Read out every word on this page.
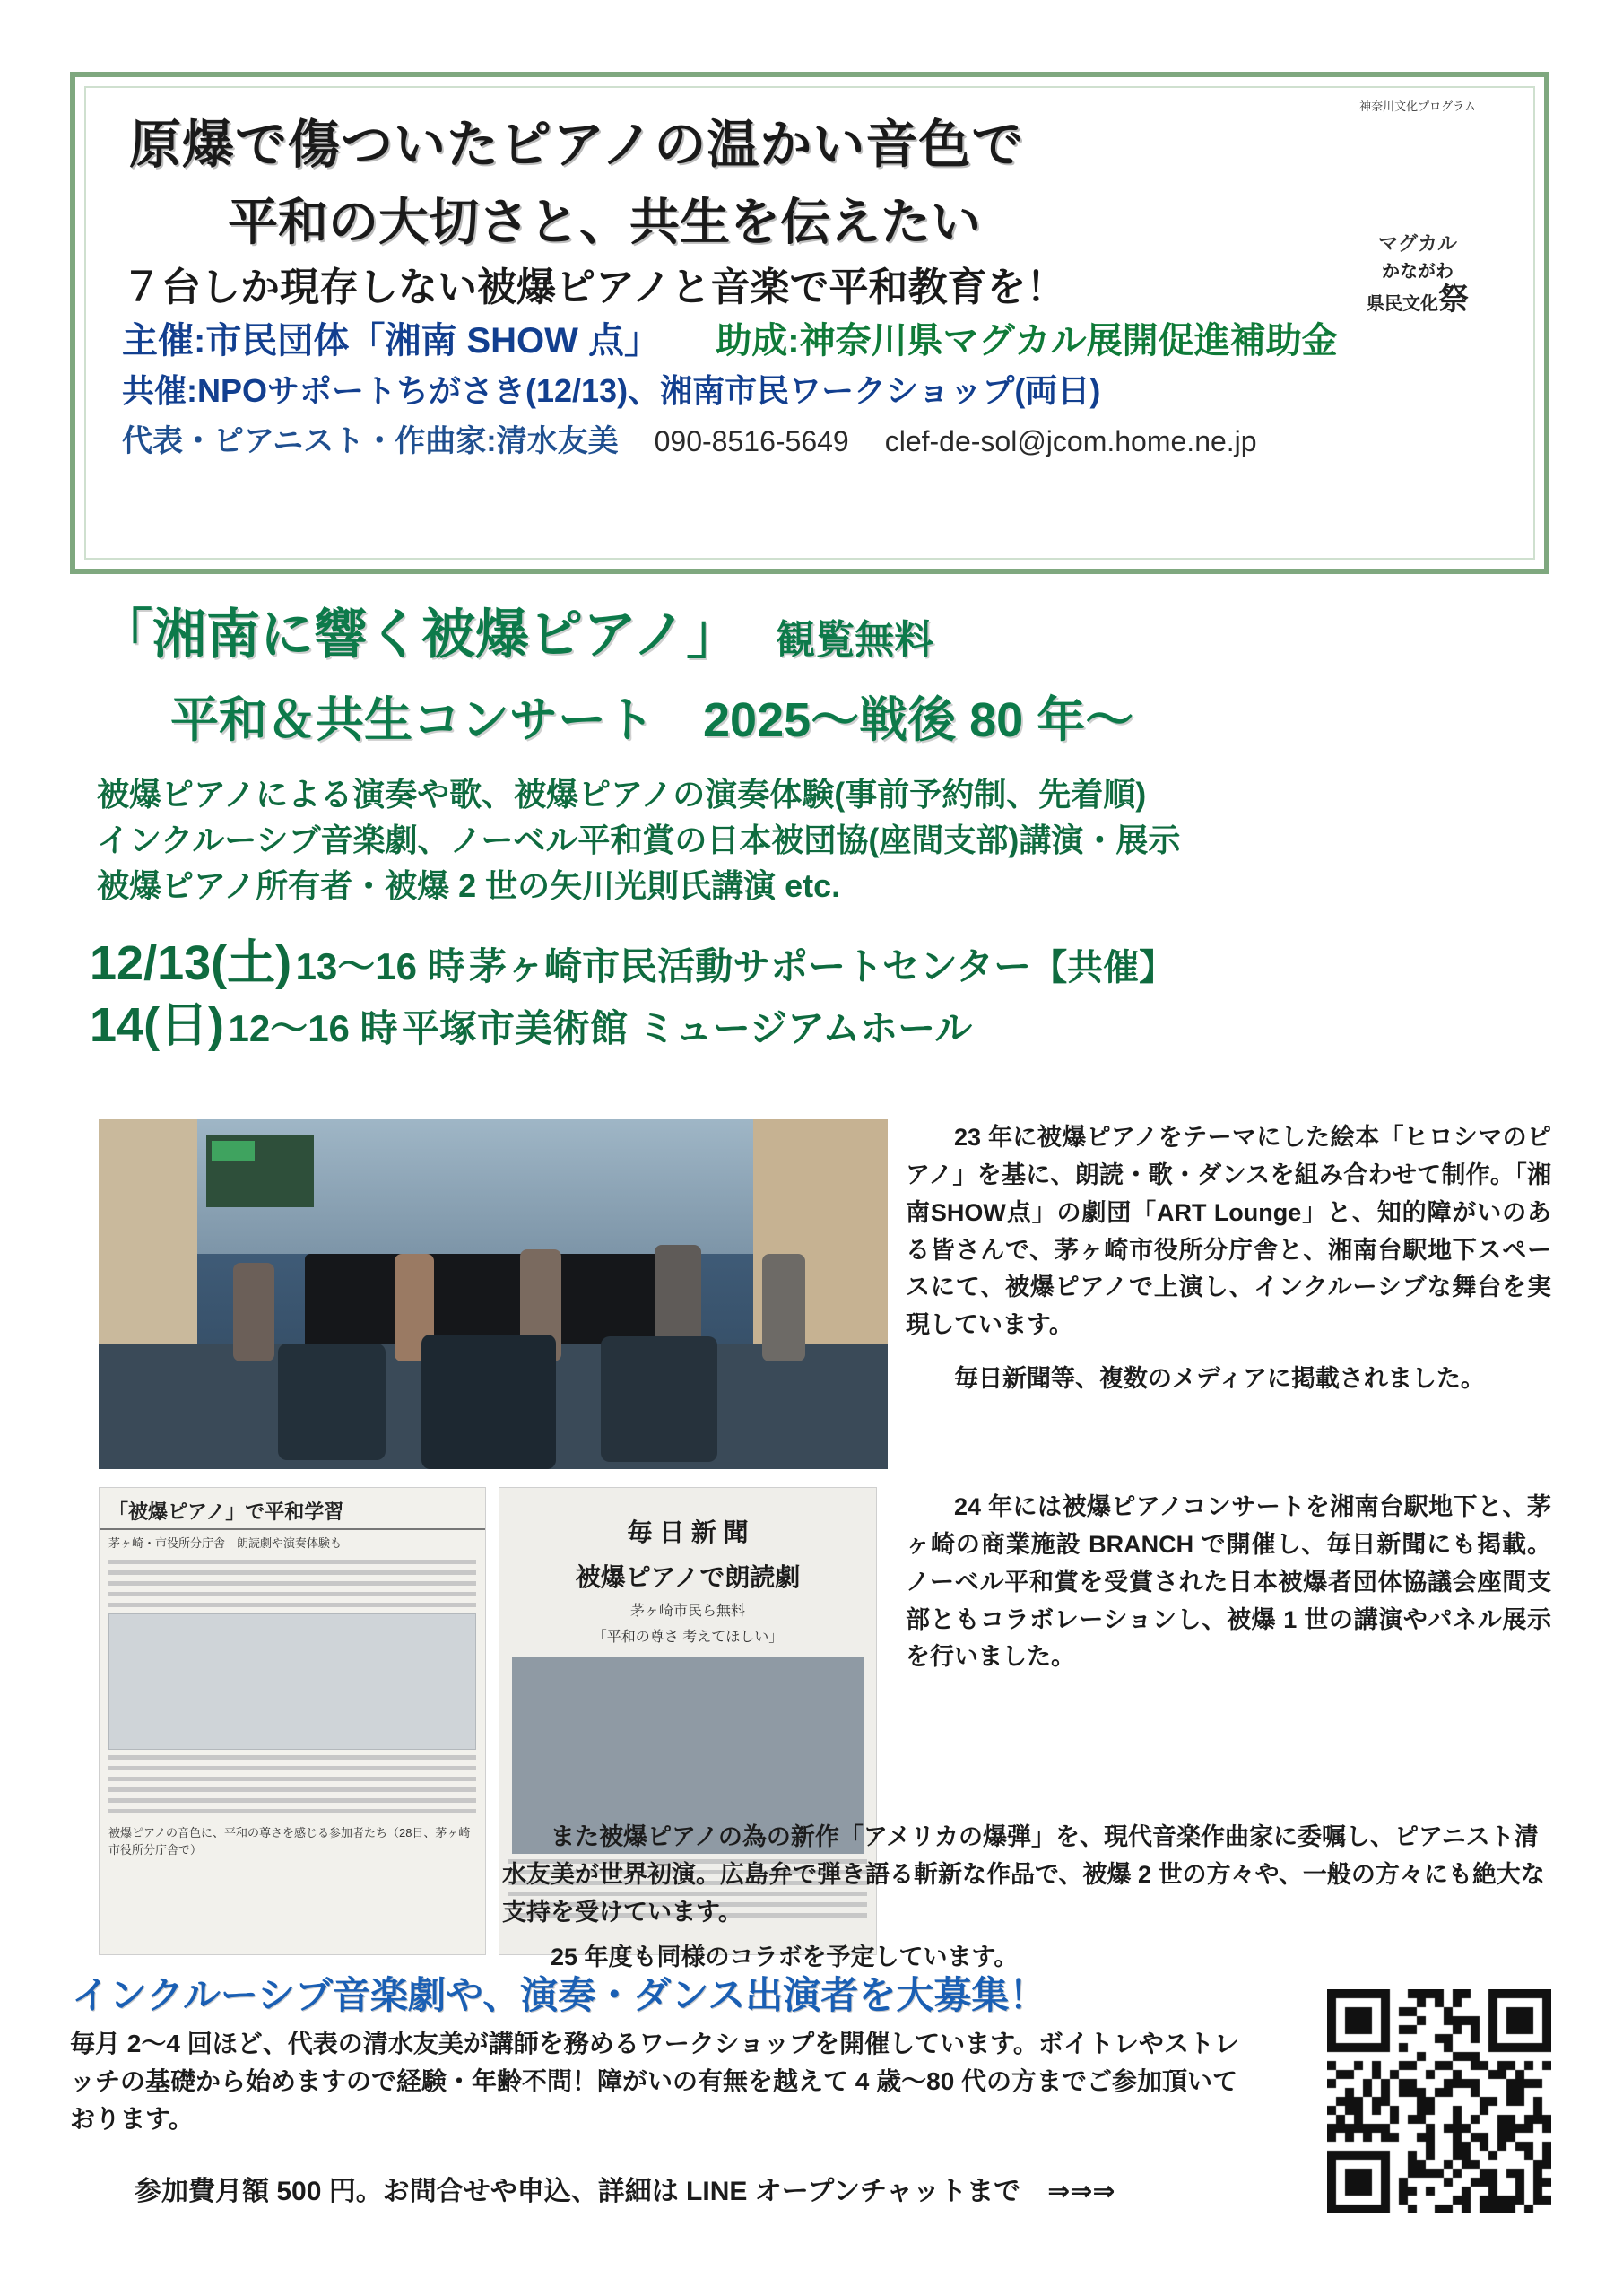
原爆で傷ついたピアノの温かい音色で
平和の大切さと、共生を伝えたい
７台しか現存しない被爆ピアノと音楽で平和教育を！
主催:市民団体「湘南 SHOW 点」 助成:神奈川県マグカル展開促進補助金
共催:NPOサポートちがさき(12/13)、湘南市民ワークショップ(両日)
代表・ピアニスト・作曲家:清水友美 090-8516-5649 clef-de-sol@jcom.home.ne.jp
神奈川文化プログラム
MA G	C	U
L	L	L	L
マグカル
かながわ
県民文化祭
「湘南に響く被爆ピアノ」 観覧無料
平和＆共生コンサート　2025〜戦後 80 年〜
被爆ピアノによる演奏や歌、被爆ピアノの演奏体験(事前予約制、先着順)
インクルーシブ音楽劇、ノーベル平和賞の日本被団協(座間支部)講演・展示
被爆ピアノ所有者・被爆 2 世の矢川光則氏講演 etc.
12/13(土) 13〜16 時 茅ヶ崎市民活動サポートセンター【共催】
14(日) 12〜16 時 平塚市美術館 ミュージアムホール
「被爆ピアノ」で平和学習
茅ヶ崎・市役所分庁舎　朗読劇や演奏体験も
被爆ピアノの音色に、平和の尊さを感じる参加者たち（28日、茅ヶ崎市役所分庁舎で）
毎 日 新 聞
被爆ピアノで朗読劇
茅ヶ崎市民ら無料
「平和の尊さ 考えてほしい」

23 年に被爆ピアノをテーマにした絵本「ヒロシマのピアノ」を基に、朗読・歌・ダンスを組み合わせて制作。「湘南SHOW点」の劇団「ART Lounge」と、知的障がいのある皆さんで、茅ヶ崎市役所分庁舎と、湘南台駅地下スペースにて、被爆ピアノで上演し、インクルーシブな舞台を実現しています。

毎日新聞等、複数のメディアに掲載されました。

24 年には被爆ピアノコンサートを湘南台駅地下と、茅ヶ崎の商業施設 BRANCH で開催し、毎日新聞にも掲載。ノーベル平和賞を受賞された日本被爆者団体協議会座間支部ともコラボレーションし、被爆 1 世の講演やパネル展示を行いました。

また被爆ピアノの為の新作「アメリカの爆弾」を、現代音楽作曲家に委嘱し、ピアニスト清水友美が世界初演。広島弁で弾き語る斬新な作品で、被爆 2 世の方々や、一般の方々にも絶大な支持を受けています。

25 年度も同様のコラボを予定しています。

インクルーシブ音楽劇や、演奏・ダンス出演者を大募集！
毎月 2〜4 回ほど、代表の清水友美が講師を務めるワークショップを開催しています。ボイトレやストレッチの基礎から始めますので経験・年齢不問！障がいの有無を越えて 4 歳〜80 代の方までご参加頂いております。
参加費月額 500 円。お問合せや申込、詳細は LINE オープンチャットまで　⇒⇒⇒
